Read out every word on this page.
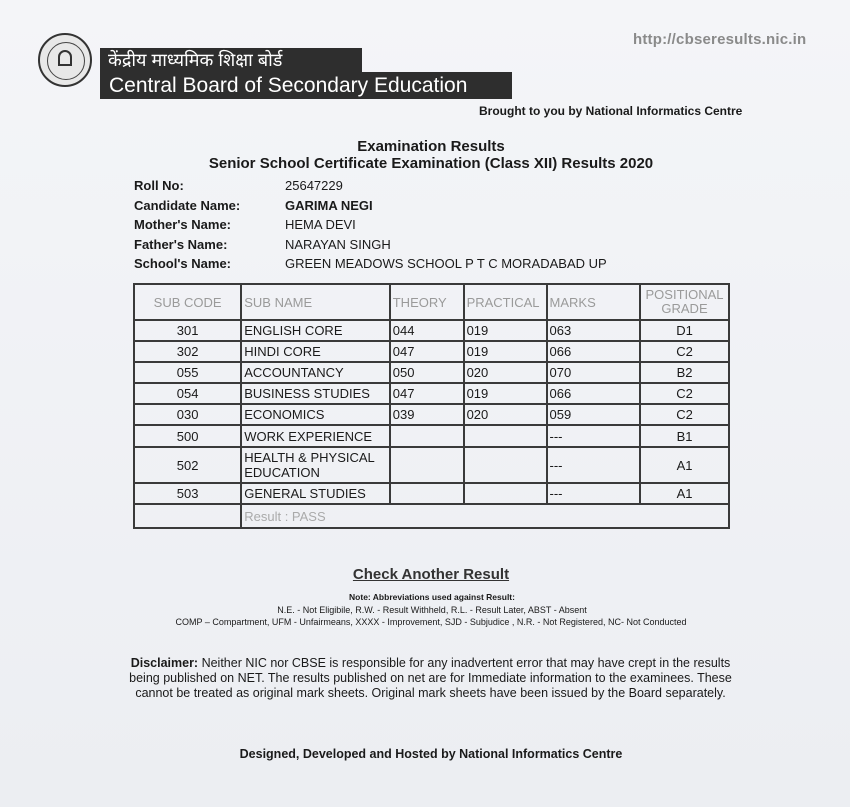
केंद्रीय माध्यमिक शिक्षा बोर्ड
Central Board of Secondary Education
http://cbseresults.nic.in
Brought to you by National Informatics Centre
Examination Results
Senior School Certificate Examination (Class XII) Results 2020
Roll No:	25647229
Candidate Name:	GARIMA NEGI
Mother's Name:	HEMA DEVI
Father's Name:	NARAYAN SINGH
School's Name:	GREEN MEADOWS SCHOOL P T C MORADABAD UP
SUB CODE	SUB NAME	THEORY	PRACTICAL	MARKS	POSITIONAL GRADE
301	ENGLISH CORE	044	019	063	D1
302	HINDI CORE	047	019	066	C2
055	ACCOUNTANCY	050	020	070	B2
054	BUSINESS STUDIES	047	019	066	C2
030	ECONOMICS	039	020	059	C2
500	WORK EXPERIENCE			---	B1
502	HEALTH & PHYSICAL EDUCATION			---	A1
503	GENERAL STUDIES			---	A1
	Result : PASS				
Check Another Result
Note: Abbreviations used against Result:
N.E. - Not Eligibile, R.W. - Result Withheld, R.L. - Result Later, ABST - Absent
COMP – Compartment, UFM - Unfairmeans, XXXX - Improvement, SJD - Subjudice , N.R. - Not Registered, NC- Not Conducted
Disclaimer: Neither NIC nor CBSE is responsible for any inadvertent error that may have crept in the results being published on NET. The results published on net are for Immediate information to the examinees. These cannot be treated as original mark sheets. Original mark sheets have been issued by the Board separately.
Designed, Developed and Hosted by National Informatics Centre
